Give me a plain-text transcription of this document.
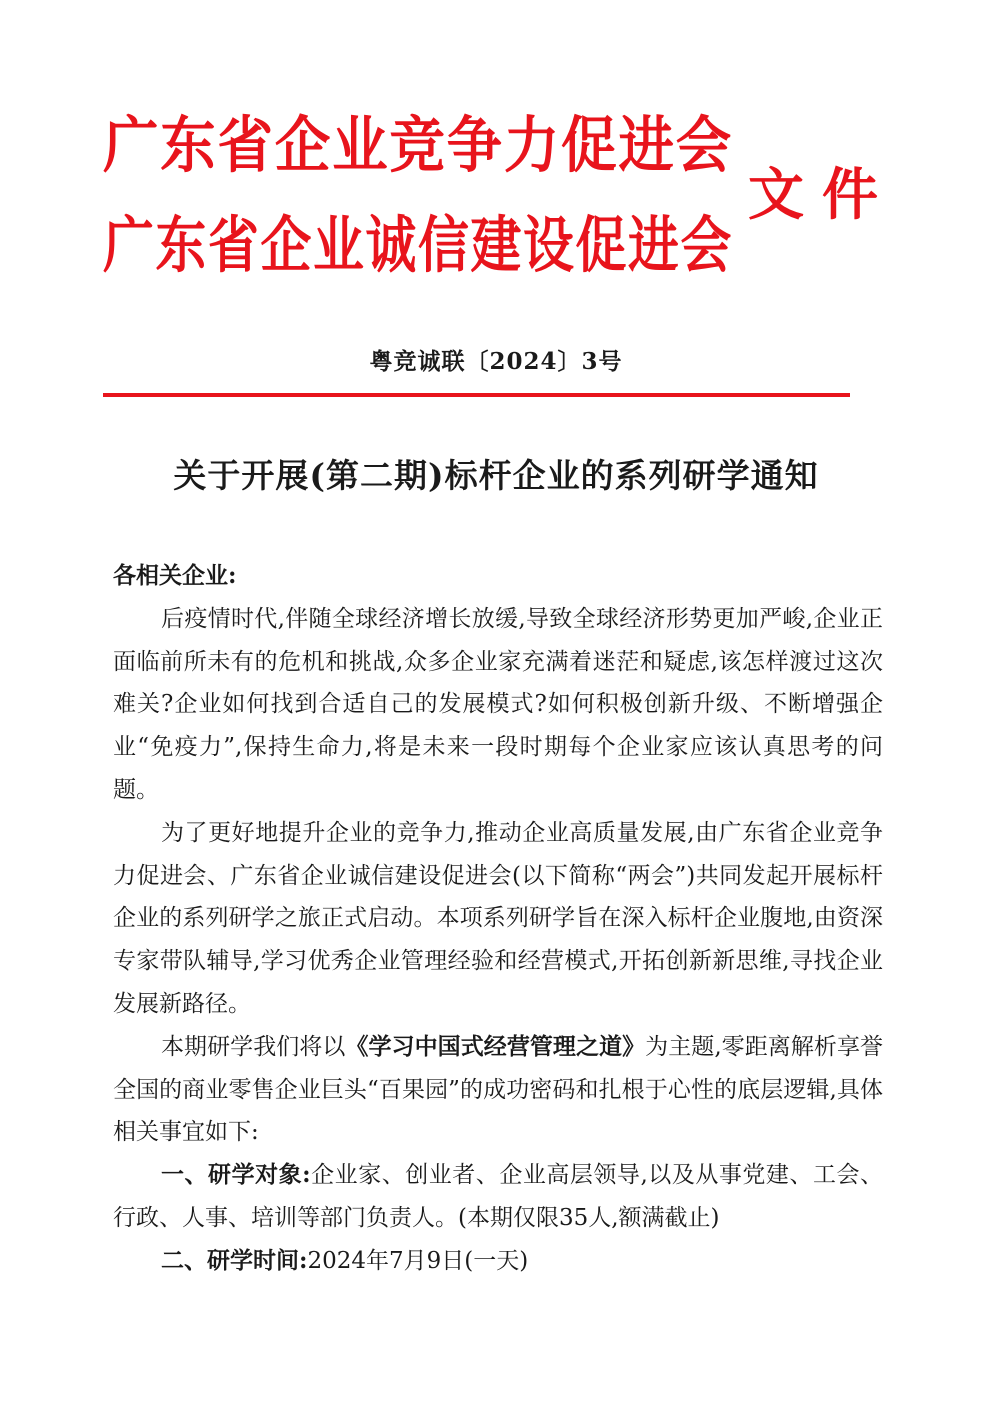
广东省企业竞争力促进会
广东省企业诚信建设促进会
文件
粤竞诚联〔2024〕3号
关于开展(第二期)标杆企业的系列研学通知

各相关企业:

后疫情时代,伴随全球经济增长放缓,导致全球经济形势更加严峻,企业正面临前所未有的危机和挑战,众多企业家充满着迷茫和疑虑,该怎样渡过这次难关?企业如何找到合适自己的发展模式?如何积极创新升级、不断增强企业“免疫力”,保持生命力,将是未来一段时期每个企业家应该认真思考的问题。

为了更好地提升企业的竞争力,推动企业高质量发展,由广东省企业竞争力促进会、广东省企业诚信建设促进会(以下简称“两会”)共同发起开展标杆企业的系列研学之旅正式启动。本项系列研学旨在深入标杆企业腹地,由资深专家带队辅导,学习优秀企业管理经验和经营模式,开拓创新新思维,寻找企业发展新路径。

本期研学我们将以《学习中国式经营管理之道》为主题,零距离解析享誉全国的商业零售企业巨头“百果园”的成功密码和扎根于心性的底层逻辑,具体相关事宜如下:

一、研学对象:企业家、创业者、企业高层领导,以及从事党建、工会、行政、人事、培训等部门负责人。(本期仅限35人,额满截止)

二、研学时间:2024年7月9日(一天)
